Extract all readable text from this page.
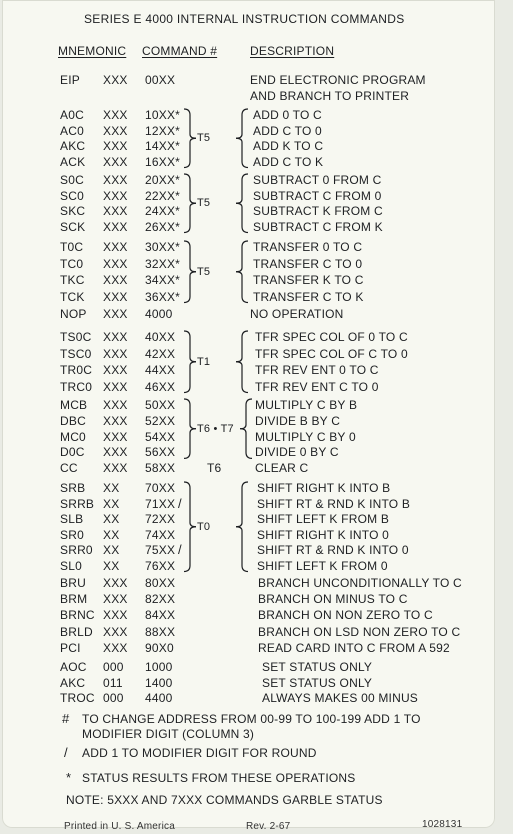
SERIES E 4000 INTERNAL INSTRUCTION COMMANDS
MNEMONIC COMMAND #	DESCRIPTION
EIP XXX 00XX	END ELECTRONIC PROGRAM
AND BRANCH TO PRINTER
A0C XXX 10XX*	ADD 0 TO C
AC0 XXX 12XX*	ADD C TO 0
AKC XXX 14XX*	ADD K TO C
ACK XXX 16XX*	ADD C TO K
T5
S0C XXX 20XX*	SUBTRACT 0 FROM C
SC0 XXX 22XX*	SUBTRACT C FROM 0
SKC XXX 24XX*	SUBTRACT K FROM C
SCK XXX 26XX*	SUBTRACT C FROM K
T5
T0C XXX 30XX*	TRANSFER 0 TO C
TC0 XXX 32XX*	TRANSFER C TO 0
TKC XXX 34XX*	TRANSFER K TO C
TCK XXX 36XX*	TRANSFER C TO K
T5
NOP XXX 4000	NO OPERATION
TS0C XXX 40XX	TFR SPEC COL OF 0 TO C
TSC0 XXX 42XX	TFR SPEC COL OF C TO 0
TR0C XXX 44XX	TFR REV ENT 0 TO C
TRC0 XXX 46XX	TFR REV ENT C TO 0
T1
MCB XXX 50XX	MULTIPLY C BY B
DBC XXX 52XX	DIVIDE B BY C
MC0 XXX 54XX	MULTIPLY C BY 0
D0C XXX 56XX	DIVIDE 0 BY C
CC XXX 58XX	CLEAR C
T6 • T7
T6
SRB XX 70XX	SHIFT RIGHT K INTO B
SRRB XX 71XX	SHIFT RT & RND K INTO B
SLB XX 72XX	SHIFT LEFT K FROM B
SR0 XX 74XX	SHIFT RIGHT K INTO 0
SRR0 XX 75XX	SHIFT RT & RND K INTO 0
SL0 XX 76XX	SHIFT LEFT K FROM 0
T0
BRU XXX 80XX	BRANCH UNCONDITIONALLY TO C
BRM XXX 82XX	BRANCH ON MINUS TO C
BRNC XXX 84XX	BRANCH ON NON ZERO TO C
BRLD XXX 88XX	BRANCH ON LSD NON ZERO TO C
PCI XXX 90X0	READ CARD INTO C FROM A 592
AOC 000 1000	SET STATUS ONLY
AKC 011 1400	SET STATUS ONLY
TROC 000 4400	ALWAYS MAKES 00 MINUS
/
/
# TO CHANGE ADDRESS FROM 00-99 TO 100-199 ADD 1 TO
MODIFIER DIGIT (COLUMN 3)
/ ADD 1 TO MODIFIER DIGIT FOR ROUND
* STATUS RESULTS FROM THESE OPERATIONS
NOTE: 5XXX AND 7XXX COMMANDS GARBLE STATUS
Printed in U. S. America	Rev. 2-67	1028131
